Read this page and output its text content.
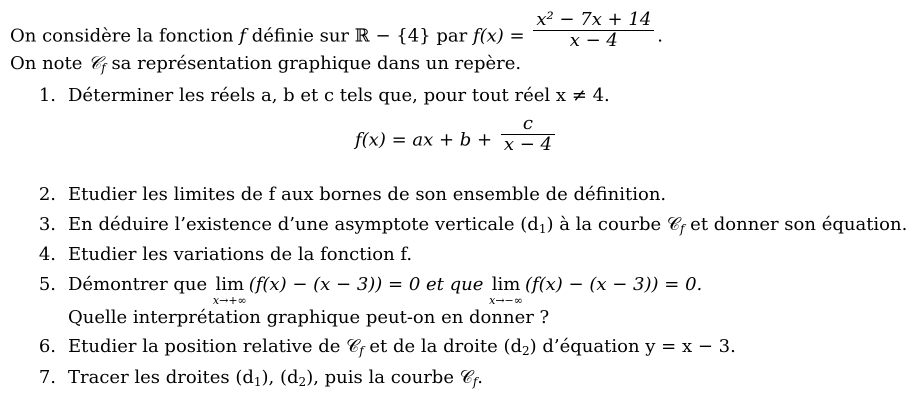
On considère la fonction f définie sur ℝ − {4} par $f(x) = \frac{\text{x² − 7x + 14}}{x - 4}$ .
On note 𝒞f sa représentation graphique dans un repère.
1. Déterminer les réels a, b et c tels que, pour tout réel x ≠ 4.
f(x) = ax + $b + \frac{c}{x - 4}$
2. Etudier les limites de f aux bornes de son ensemble de définition.
3. En déduire l’existence d’une asymptote verticale (d1) à la courbe 𝒞f et donner son équation.
4. Etudier les variations de la fonction f.
5. Démontrer que lim
x→+∞
(f(x) − (x − 3)) = 0 et que lim
x→−∞
(f(x) − (x − 3)) = 0.
Quelle interprétation graphique peut-on en donner ?
6. Etudier la position relative de 𝒞f et de la droite (d2) d’équation y = x − 3.
7. Tracer les droites (d1), (d2), puis la courbe 𝒞f.
